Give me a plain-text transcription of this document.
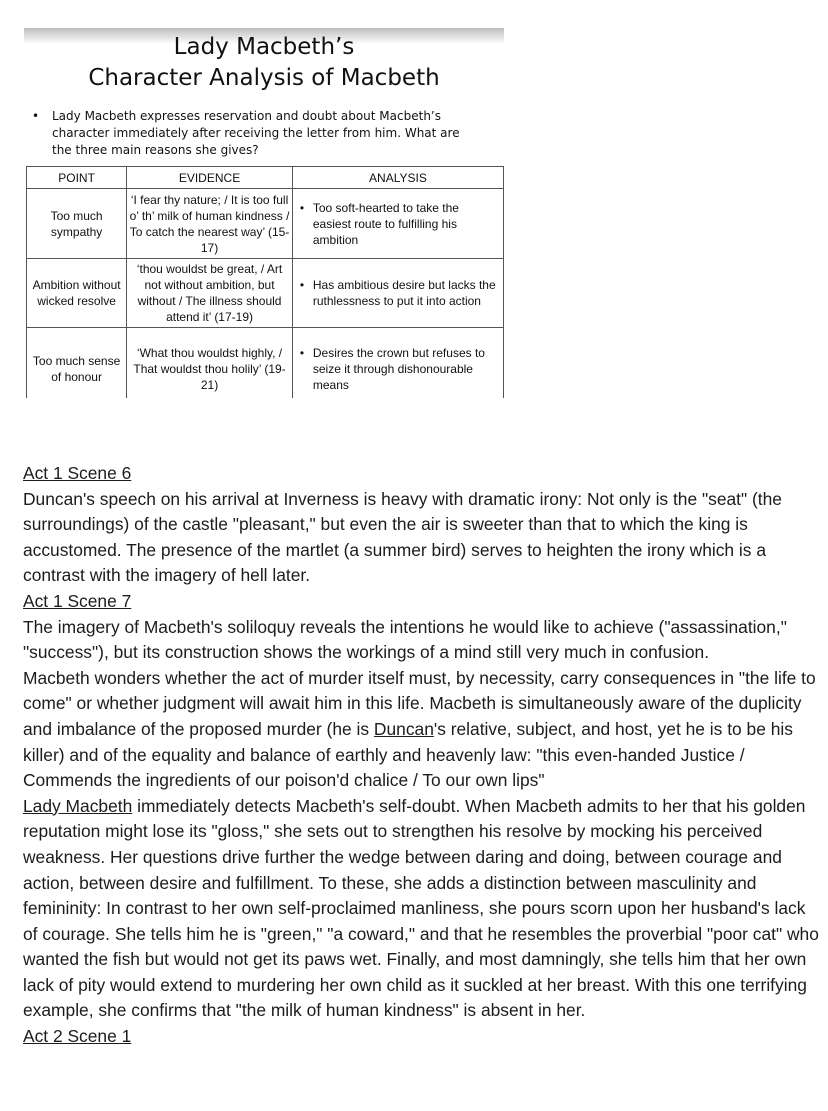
Lady Macbeth’s
Character Analysis of Macbeth
• Lady Macbeth expresses reservation and doubt about Macbeth’s character immediately after receiving the letter from him. What are the three main reasons she gives?
POINT	EVIDENCE	ANALYSIS
Too much sympathy	‘I fear thy nature; / It is too full o’ th’ milk of human kindness / To catch the nearest way’ (15-17)	• Too soft-hearted to take the easiest route to fulfilling his ambition
Ambition without wicked resolve	‘thou wouldst be great, / Art not without ambition, but without / The illness should attend it’ (17-19)	• Has ambitious desire but lacks the ruthlessness to put it into action
Too much sense of honour	‘What thou wouldst highly, / That wouldst thou holily’ (19-21)	• Desires the crown but refuses to seize it through dishonourable means

Act 1 Scene 6

Duncan's speech on his arrival at Inverness is heavy with dramatic irony: Not only is the "seat" (the surroundings) of the castle "pleasant," but even the air is sweeter than that to which the king is accustomed. The presence of the martlet (a summer bird) serves to heighten the irony which is a contrast with the imagery of hell later.

Act 1 Scene 7

The imagery of Macbeth's soliloquy reveals the intentions he would like to achieve ("assassination," "success"), but its construction shows the workings of a mind still very much in confusion.

Macbeth wonders whether the act of murder itself must, by necessity, carry consequences in "the life to come" or whether judgment will await him in this life. Macbeth is simultaneously aware of the duplicity and imbalance of the proposed murder (he is Duncan's relative, subject, and host, yet he is to be his killer) and of the equality and balance of earthly and heavenly law: "this even-handed Justice / Commends the ingredients of our poison'd chalice / To our own lips"

Lady Macbeth immediately detects Macbeth's self-doubt. When Macbeth admits to her that his golden reputation might lose its "gloss," she sets out to strengthen his resolve by mocking his perceived weakness. Her questions drive further the wedge between daring and doing, between courage and action, between desire and fulfillment. To these, she adds a distinction between masculinity and femininity: In contrast to her own self-proclaimed manliness, she pours scorn upon her husband's lack of courage. She tells him he is "green," "a coward," and that he resembles the proverbial "poor cat" who wanted the fish but would not get its paws wet. Finally, and most damningly, she tells him that her own lack of pity would extend to murdering her own child as it suckled at her breast. With this one terrifying example, she confirms that "the milk of human kindness" is absent in her.

Act 2 Scene 1
